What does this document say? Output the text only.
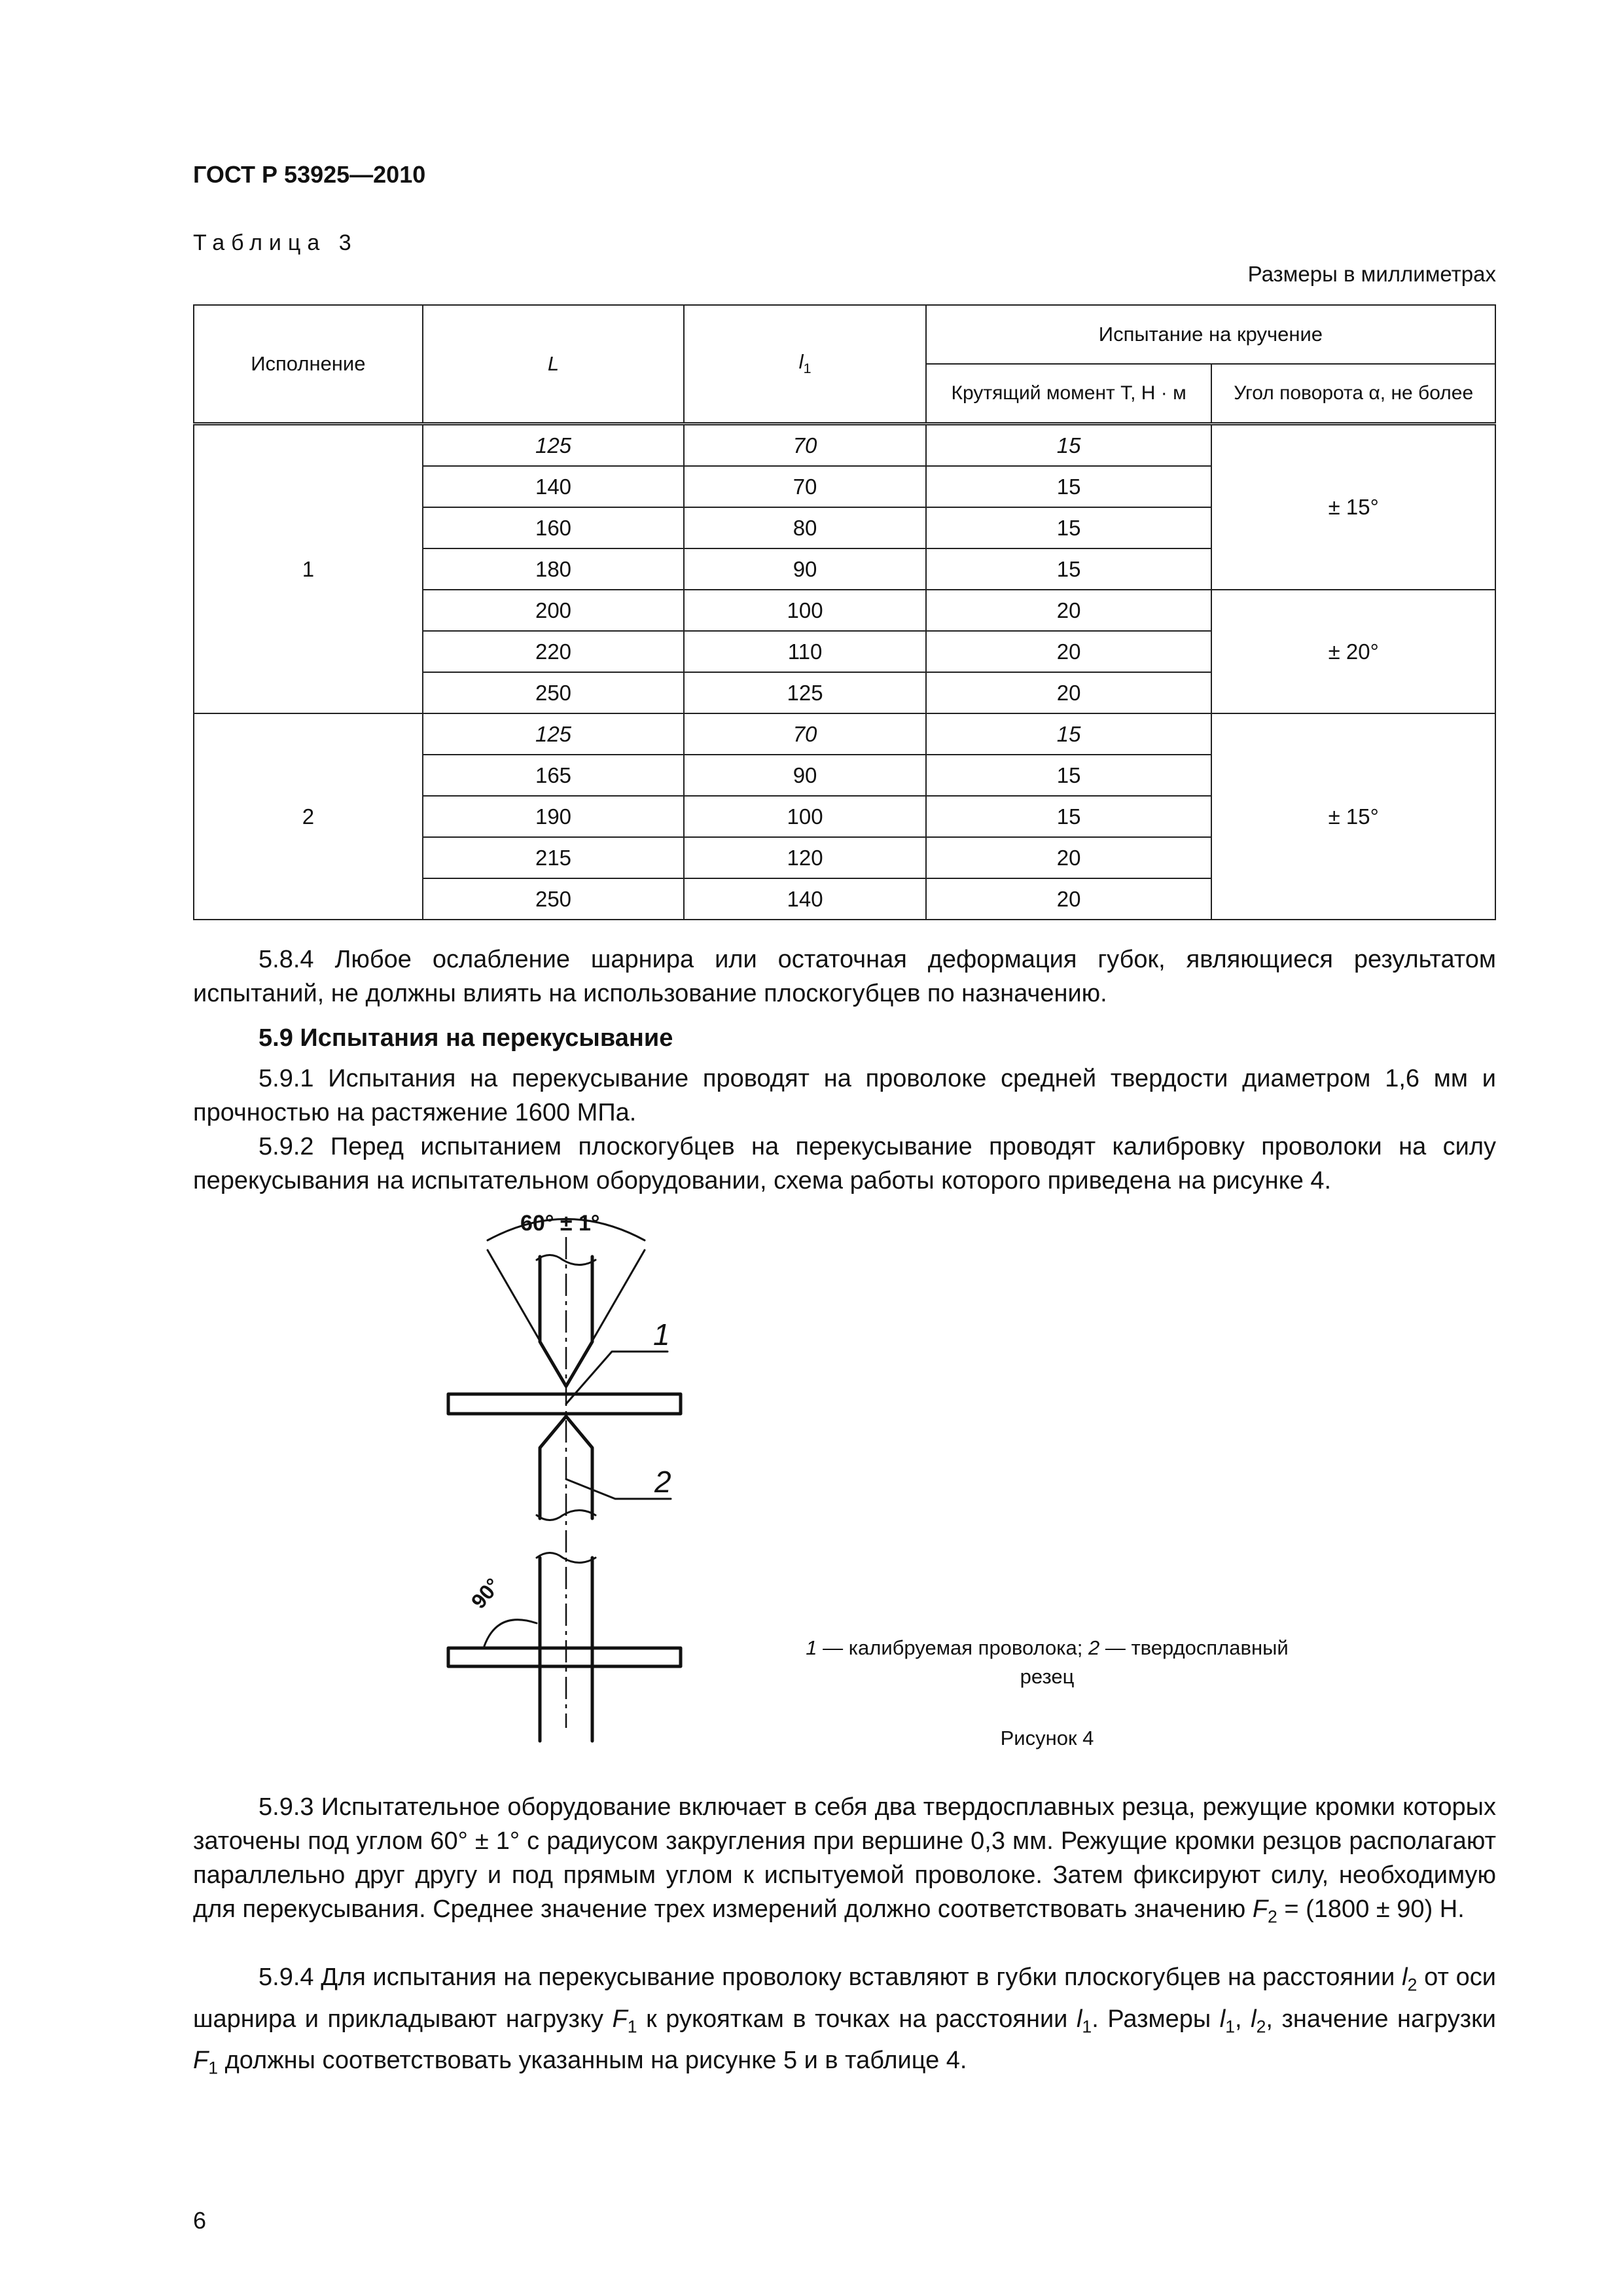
ГОСТ Р 53925—2010
Таблица 3
Размеры в миллиметрах
Исполнение	L	$l_1$	Испытание на кручение	
			Крутящий момент T, Н · м	Угол поворота α, не более
1	125	70	15	± 15°
	140	70	15	
	160	80	15	
	180	90	15	
	200	100	20	± 20°
	220	110	20	
	250	125	20	
2	125	70	15	± 15°
	165	90	15	
	190	100	15	
	215	120	20	
	250	140	20	
5.8.4 Любое ослабление шарнира или остаточная деформация губок, являющиеся результатом испытаний, не должны влиять на использование плоскогубцев по назначению.
5.9 Испытания на перекусывание
5.9.1 Испытания на перекусывание проводят на проволоке средней твердости диаметром 1,6 мм и прочностью на растяжение 1600 МПа.
5.9.2 Перед испытанием плоскогубцев на перекусывание проводят калибровку проволоки на силу перекусывания на испытательном оборудовании, схема работы которого приведена на рисунке 4.
60° ± 1°
1
2
90°
1 — калибруемая проволока; 2 — твердосплавный
резец
Рисунок 4
5.9.3 Испытательное оборудование включает в себя два твердосплавных резца, режущие кромки которых заточены под углом 60° ± 1° с радиусом закругления при вершине 0,3 мм. Режущие кромки резцов располагают параллельно друг другу и под прямым углом к испытуемой проволоке. Затем фиксируют силу, необходимую для перекусывания. Среднее значение трех измерений должно соответствовать значению $F_2 = (1800 \pm 90)$ Н.
5.9.4 Для испытания на перекусывание проволоку вставляют в губки плоскогубцев на расстоянии $l_2$ от оси шарнира и прикладывают нагрузку $F_1$ к рукояткам в точках на расстоянии $l_1$. Размеры $l_1$, $l_2$, значение нагрузки $F_1$ должны соответствовать указанным на рисунке 5 и в таблице 4.
6
